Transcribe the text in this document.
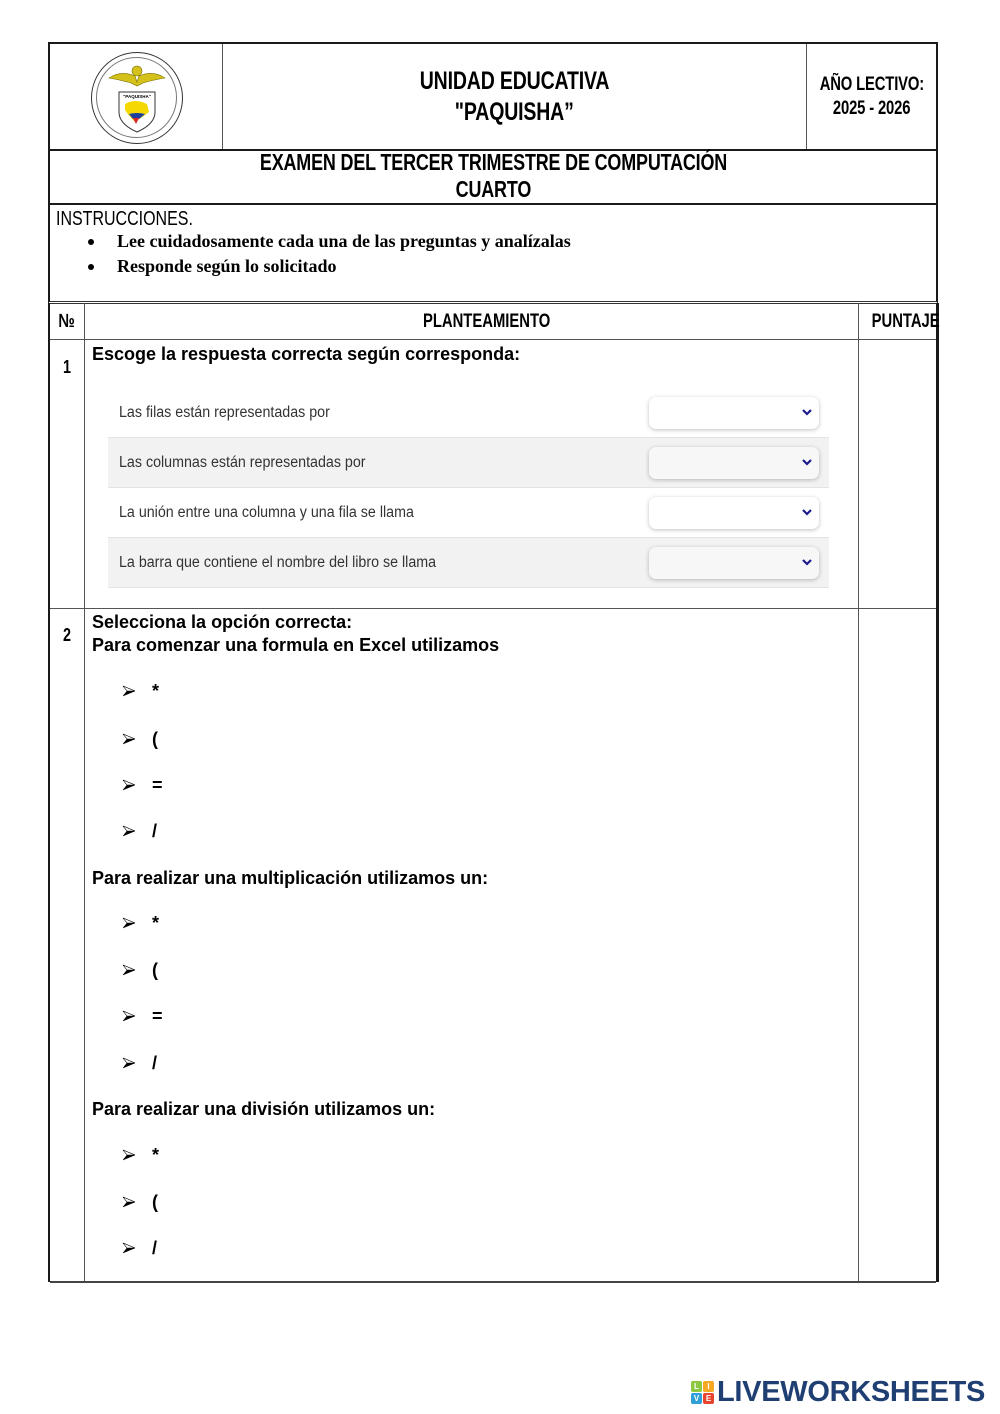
"PAQUISHA"
UNIDAD EDUCATIVA
"PAQUISHA”
AÑO LECTIVO:
2025 - 2026
EXAMEN DEL TERCER TRIMESTRE DE COMPUTACIÓN
CUARTO
INSTRUCCIONES.
Lee cuidadosamente cada una de las preguntas y analízalas
Responde según lo solicitado
№	PLANTEAMIENTO	PUNTAJE
1
Escoge la respuesta correcta según corresponda:
Las filas están representadas por
Las columnas están representadas por
La unión entre una columna y una fila se llama
La barra que contiene el nombre del libro se llama
2
Selecciona la opción correcta:
Para comenzar una formula en Excel utilizamos
*
(
=
/
Para realizar una multiplicación utilizamos un:
*
(
=
/
Para realizar una división utilizamos un:
*
(
/
L	I
V E LIVEWORKSHEETS
